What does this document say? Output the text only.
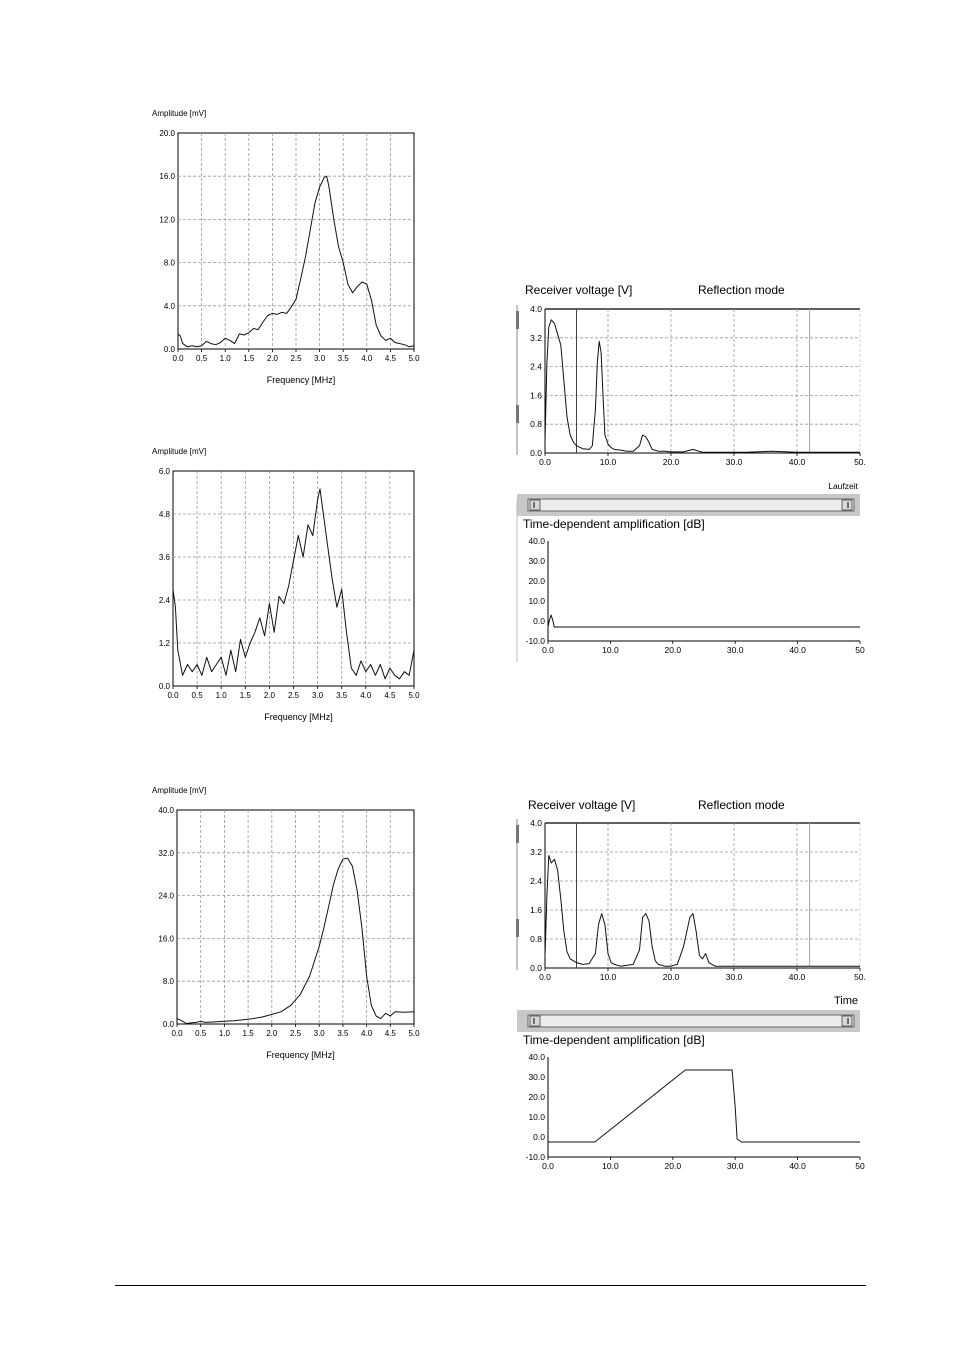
0.0 0.5 1.0 1.5 2.0 2.5 3.0 3.5 4.0 4.5 5.0
0.0
4.0
8.0
12.0
16.0
20.0
Amplitude [mV]
Frequency [MHz]
0.0 0.5 1.0 1.5 2.0 2.5 3.0 3.5 4.0 4.5 5.0
0.0
1.2
2.4
3.6
4.8
6.0
Amplitude [mV]
Frequency [MHz]
0.0 0.5 1.0 1.5 2.0 2.5 3.0 3.5 4.0 4.5 5.0
0.0
8.0
16.0
24.0
32.0
40.0
Amplitude [mV]
Frequency [MHz]
0.0	10.0	20.0	30.0	40.0	50.
0.0
0.8
1.6
2.4
3.2
4.0
Receiver voltage [V]	Reflection mode
Laufzeit
0.0	10.0	20.0	30.0	40.0	50
-10.0
0.0
10.0
20.0
30.0
40.0
Time-dependent amplification [dB]
0.0	10.0	20.0	30.0	40.0	50.
0.0
0.8
1.6
2.4
3.2
4.0
Receiver voltage [V]	Reflection mode
Time
0.0	10.0	20.0	30.0	40.0	50
-10.0
0.0
10.0
20.0
30.0
40.0
Time-dependent amplification [dB]
